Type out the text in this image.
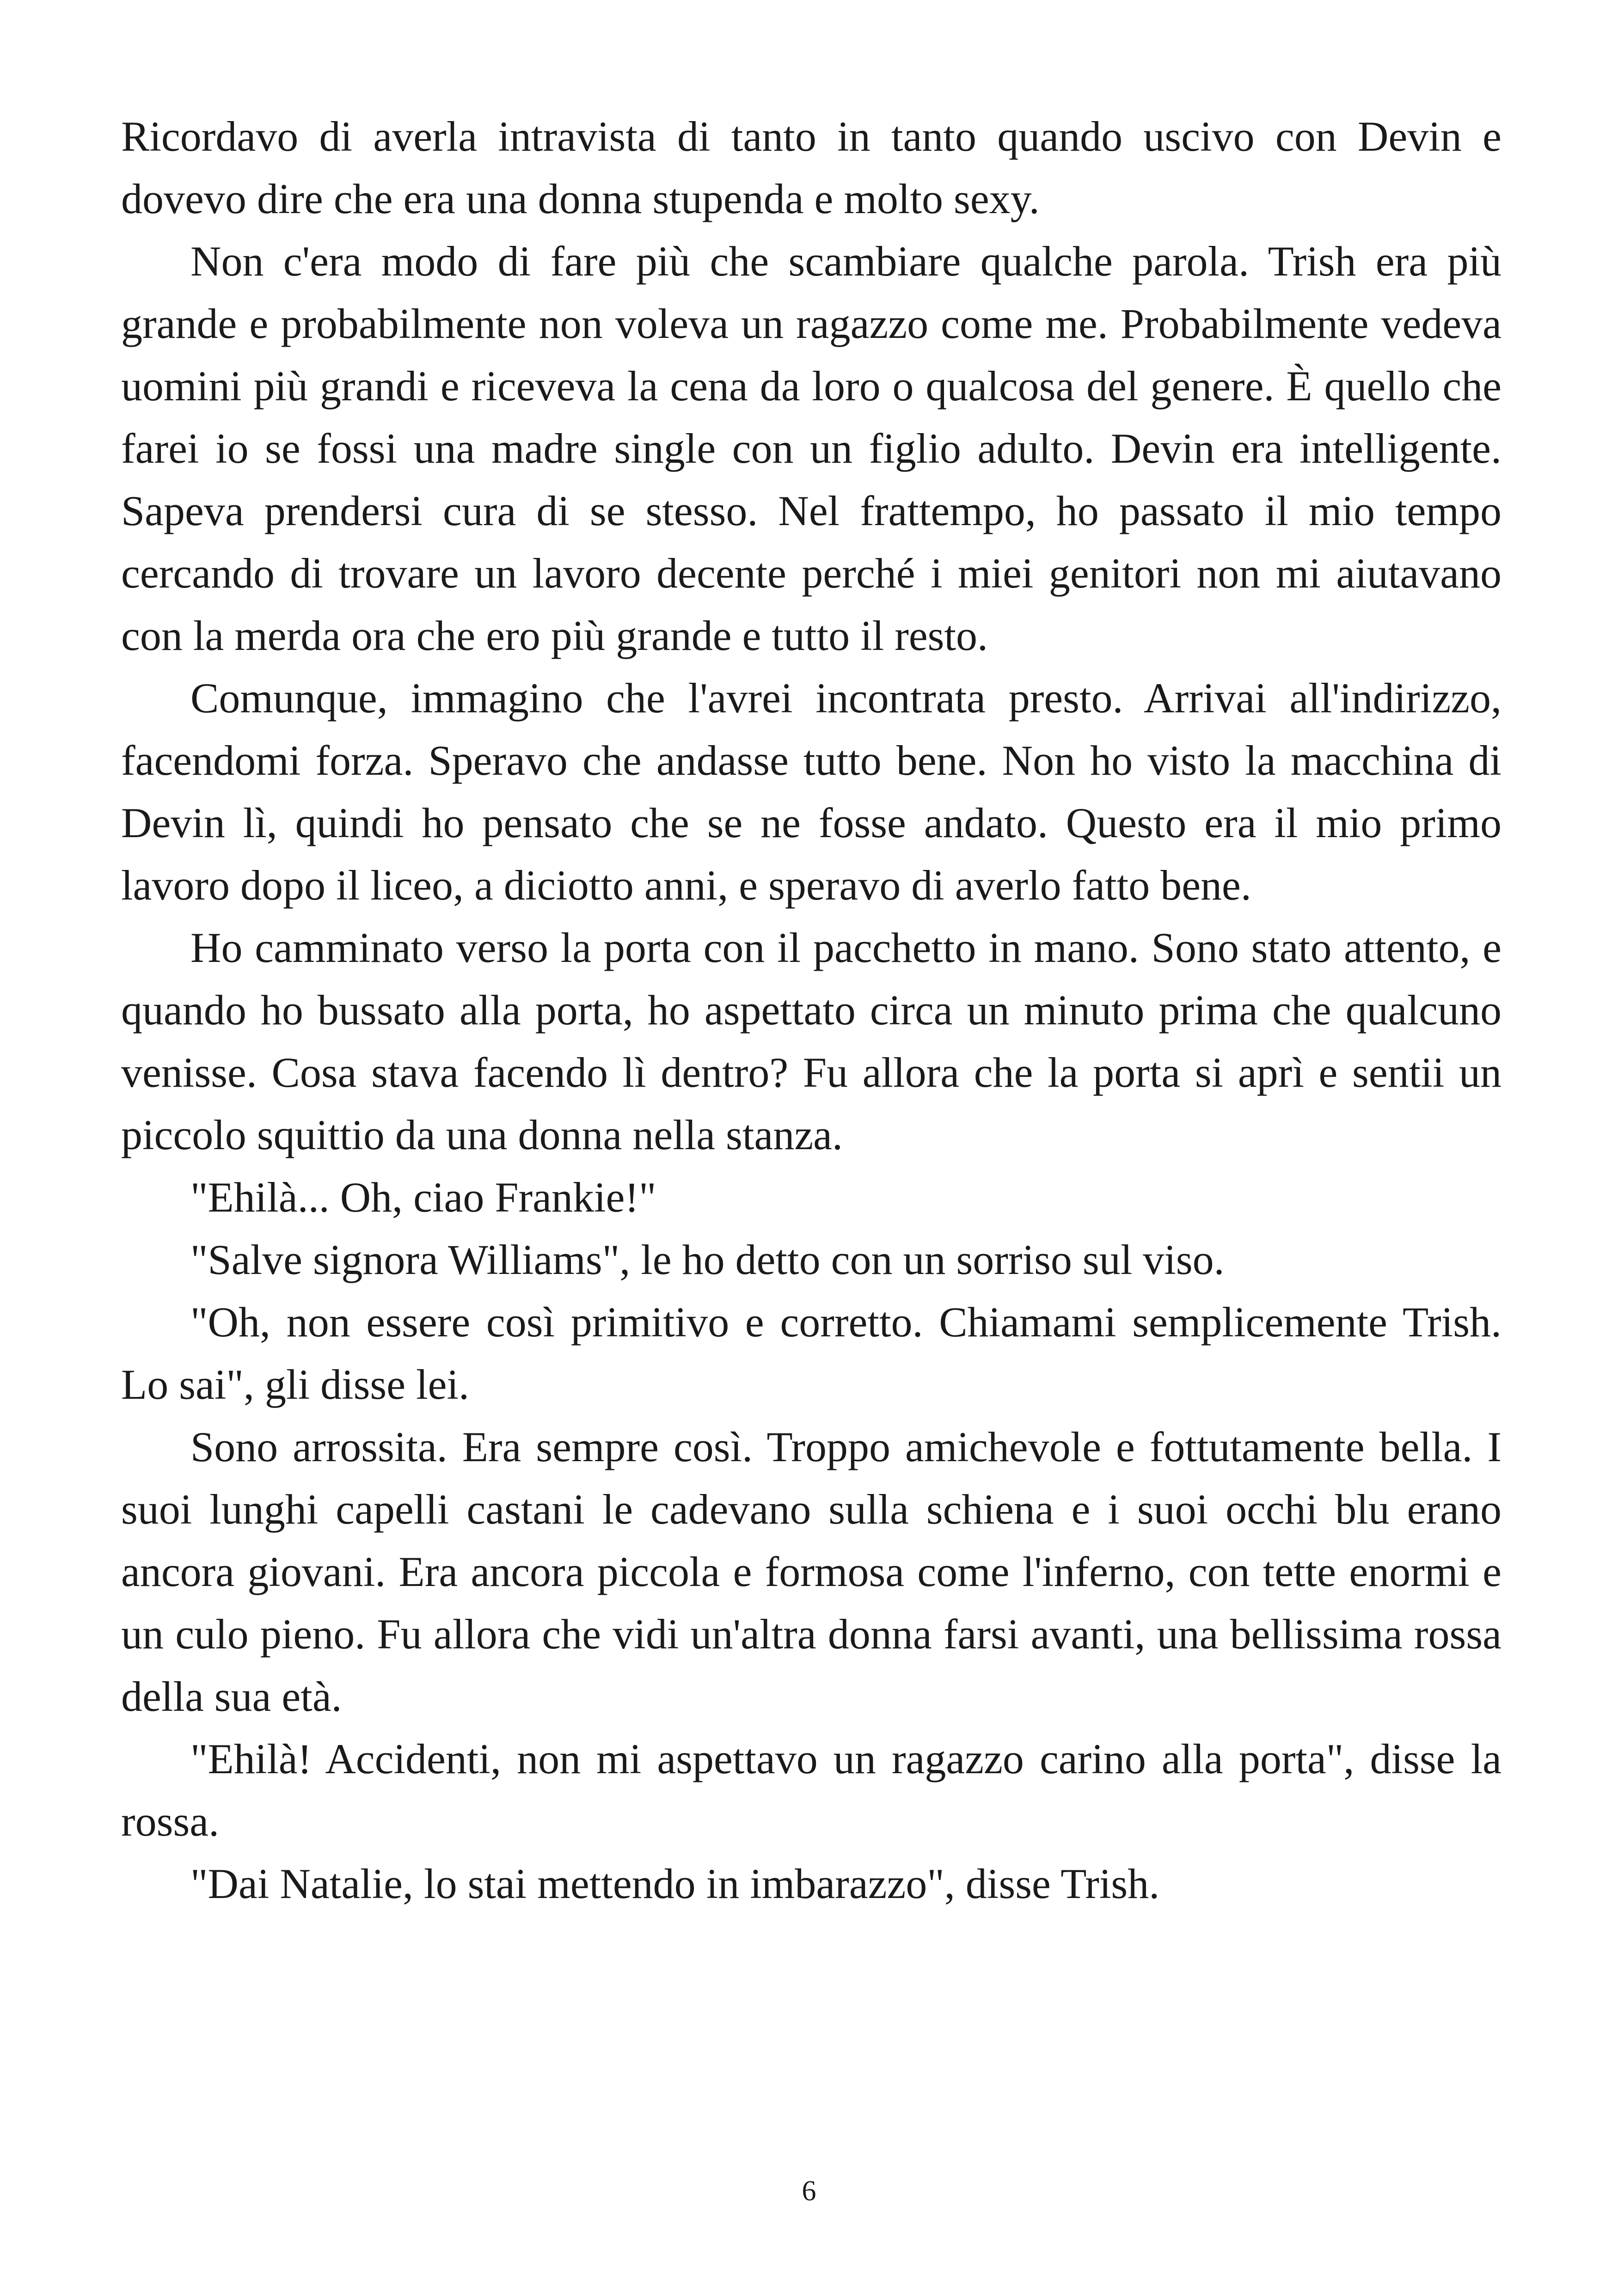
Ricordavo di averla intravista di tanto in tanto quando uscivo con Devin e dovevo dire che era una donna stupenda e molto sexy.

Non c'era modo di fare più che scambiare qualche parola. Trish era più grande e probabilmente non voleva un ragazzo come me. Probabilmente vedeva uomini più grandi e riceveva la cena da loro o qualcosa del genere. È quello che farei io se fossi una madre single con un figlio adulto. Devin era intelligente. Sapeva prendersi cura di se stesso. Nel frattempo, ho passato il mio tempo cercando di trovare un lavoro decente perché i miei genitori non mi aiutavano con la merda ora che ero più grande e tutto il resto.

Comunque, immagino che l'avrei incontrata presto. Arrivai all'indirizzo, facendomi forza. Speravo che andasse tutto bene. Non ho visto la macchina di Devin lì, quindi ho pensato che se ne fosse andato. Questo era il mio primo lavoro dopo il liceo, a diciotto anni, e speravo di averlo fatto bene.

Ho camminato verso la porta con il pacchetto in mano. Sono stato attento, e quando ho bussato alla porta, ho aspettato circa un minuto prima che qualcuno venisse. Cosa stava facendo lì dentro? Fu allora che la porta si aprì e sentii un piccolo squittio da una donna nella stanza.

"Ehilà... Oh, ciao Frankie!"

"Salve signora Williams", le ho detto con un sorriso sul viso.

"Oh, non essere così primitivo e corretto. Chiamami semplicemente Trish. Lo sai", gli disse lei.

Sono arrossita. Era sempre così. Troppo amichevole e fottutamente bella. I suoi lunghi capelli castani le cadevano sulla schiena e i suoi occhi blu erano ancora giovani. Era ancora piccola e formosa come l'inferno, con tette enormi e un culo pieno. Fu allora che vidi un'altra donna farsi avanti, una bellissima rossa della sua età.

"Ehilà! Accidenti, non mi aspettavo un ragazzo carino alla porta", disse la rossa.

"Dai Natalie, lo stai mettendo in imbarazzo", disse Trish.

6
